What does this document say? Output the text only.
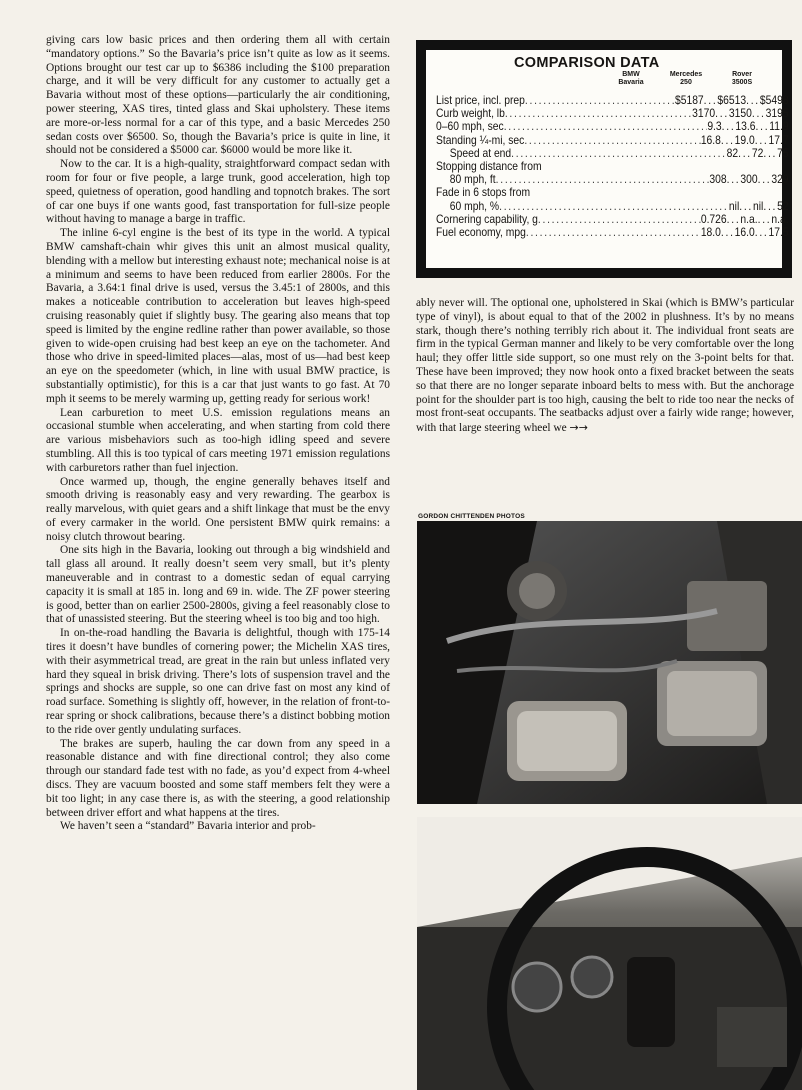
giving cars low basic prices and then ordering them all with certain “mandatory options.” So the Bavaria’s price isn’t quite as low as it seems. Options brought our test car up to $6386 including the $100 preparation charge, and it will be very difficult for any customer to actually get a Bavaria without most of these options—particularly the air conditioning, power steering, XAS tires, tinted glass and Skai upholstery. These items are more-or-less normal for a car of this type, and a basic Mercedes 250 sedan costs over $6500. So, though the Bavaria’s price is quite in line, it should not be considered a $5000 car. $6000 would be more like it.

Now to the car. It is a high-quality, straightforward compact sedan with room for four or five people, a large trunk, good acceleration, high top speed, quietness of operation, good handling and topnotch brakes. The sort of car one buys if one wants good, fast transportation for full-size people without having to manage a barge in traffic.

The inline 6-cyl engine is the best of its type in the world. A typical BMW camshaft-chain whir gives this unit an almost musical quality, blending with a mellow but interesting exhaust note; mechanical noise is at a minimum and seems to have been reduced from earlier 2800s. For the Bavaria, a 3.64:1 final drive is used, versus the 3.45:1 of 2800s, and this makes a noticeable contribution to acceleration but leaves high-speed cruising reasonably quiet if slightly busy. The gearing also means that top speed is limited by the engine redline rather than power available, so those given to wide-open cruising had best keep an eye on the tachometer. And those who drive in speed-limited places—alas, most of us—had best keep an eye on the speedometer (which, in line with usual BMW practice, is substantially optimistic), for this is a car that just wants to go fast. At 70 mph it seems to be merely warming up, getting ready for serious work!

Lean carburetion to meet U.S. emission regulations means an occasional stumble when accelerating, and when starting from cold there are various misbehaviors such as too-high idling speed and severe stumbling. All this is too typical of cars meeting 1971 emission regulations with carburetors rather than fuel injection.

Once warmed up, though, the engine generally behaves itself and smooth driving is reasonably easy and very rewarding. The gearbox is really marvelous, with quiet gears and a shift linkage that must be the envy of every carmaker in the world. One persistent BMW quirk remains: a noisy clutch throwout bearing.

One sits high in the Bavaria, looking out through a big windshield and tall glass all around. It really doesn’t seem very small, but it’s plenty maneuverable and in contrast to a domestic sedan of equal carrying capacity it is small at 185 in. long and 69 in. wide. The ZF power steering is good, better than on earlier 2500-2800s, giving a feel reasonably close to that of unassisted steering. But the steering wheel is too big and too high.

In on-the-road handling the Bavaria is delightful, though with 175-14 tires it doesn’t have bundles of cornering power; the Michelin XAS tires, with their asymmetrical tread, are great in the rain but unless inflated very hard they squeal in brisk driving. There’s lots of suspension travel and the springs and shocks are supple, so one can drive fast on most any kind of road surface. Something is slightly off, however, in the relation of front-to-rear spring or shock calibrations, because there’s a distinct bobbing motion to the ride over gently undulating surfaces.

The brakes are superb, hauling the car down from any speed in a reasonable distance and with fine directional control; they also come through our standard fade test with no fade, as you’d expect from 4-wheel discs. They are vacuum boosted and some staff members felt they were a bit too light; in any case there is, as with the steering, a good relationship between driver effort and what happens at the tires.

We haven’t seen a “standard” Bavaria interior and prob-

COMPARISON DATA
BMW
Bavaria
Mercedes
250
Rover
3500S
List price, incl. prep .....	$5187 ........ $6513 ........ $5498
Curb weight, lb .....	3170 ........ 3150 ........ 3195
0–60 mph, sec .....	9.3 ........ 13.6 ........ 11.9
Standing ¼-mi, sec .....	16.8 ........ 19.0 ........ 17.7
Speed at end .....	82 ........ 72 ........ 75
Stopping distance from
80 mph, ft .....	308 ........ 300 ........ 329
Fade in 6 stops from
60 mph, % .....	nil ........ nil ........ 52
Cornering capability, g .....	0.726 ........ n.a. ........ n.a.
Fuel economy, mpg .....	18.0 ........ 16.0 ........ 17.5

ably never will. The optional one, upholstered in Skai (which is BMW’s particular type of vinyl), is about equal to that of the 2002 in plushness. It’s by no means stark, though there’s nothing terribly rich about it. The individual front seats are firm in the typical German manner and likely to be very comfortable over the long haul; they offer little side support, so one must rely on the 3-point belts for that. These have been improved; they now hook onto a fixed bracket between the seats so that there are no longer separate inboard belts to mess with. But the anchorage point for the shoulder part is too high, causing the belt to ride too near the necks of most front-seat occupants. The seatbacks adjust over a fairly wide range; however, with that large steering wheel we →→

GORDON CHITTENDEN PHOTOS
